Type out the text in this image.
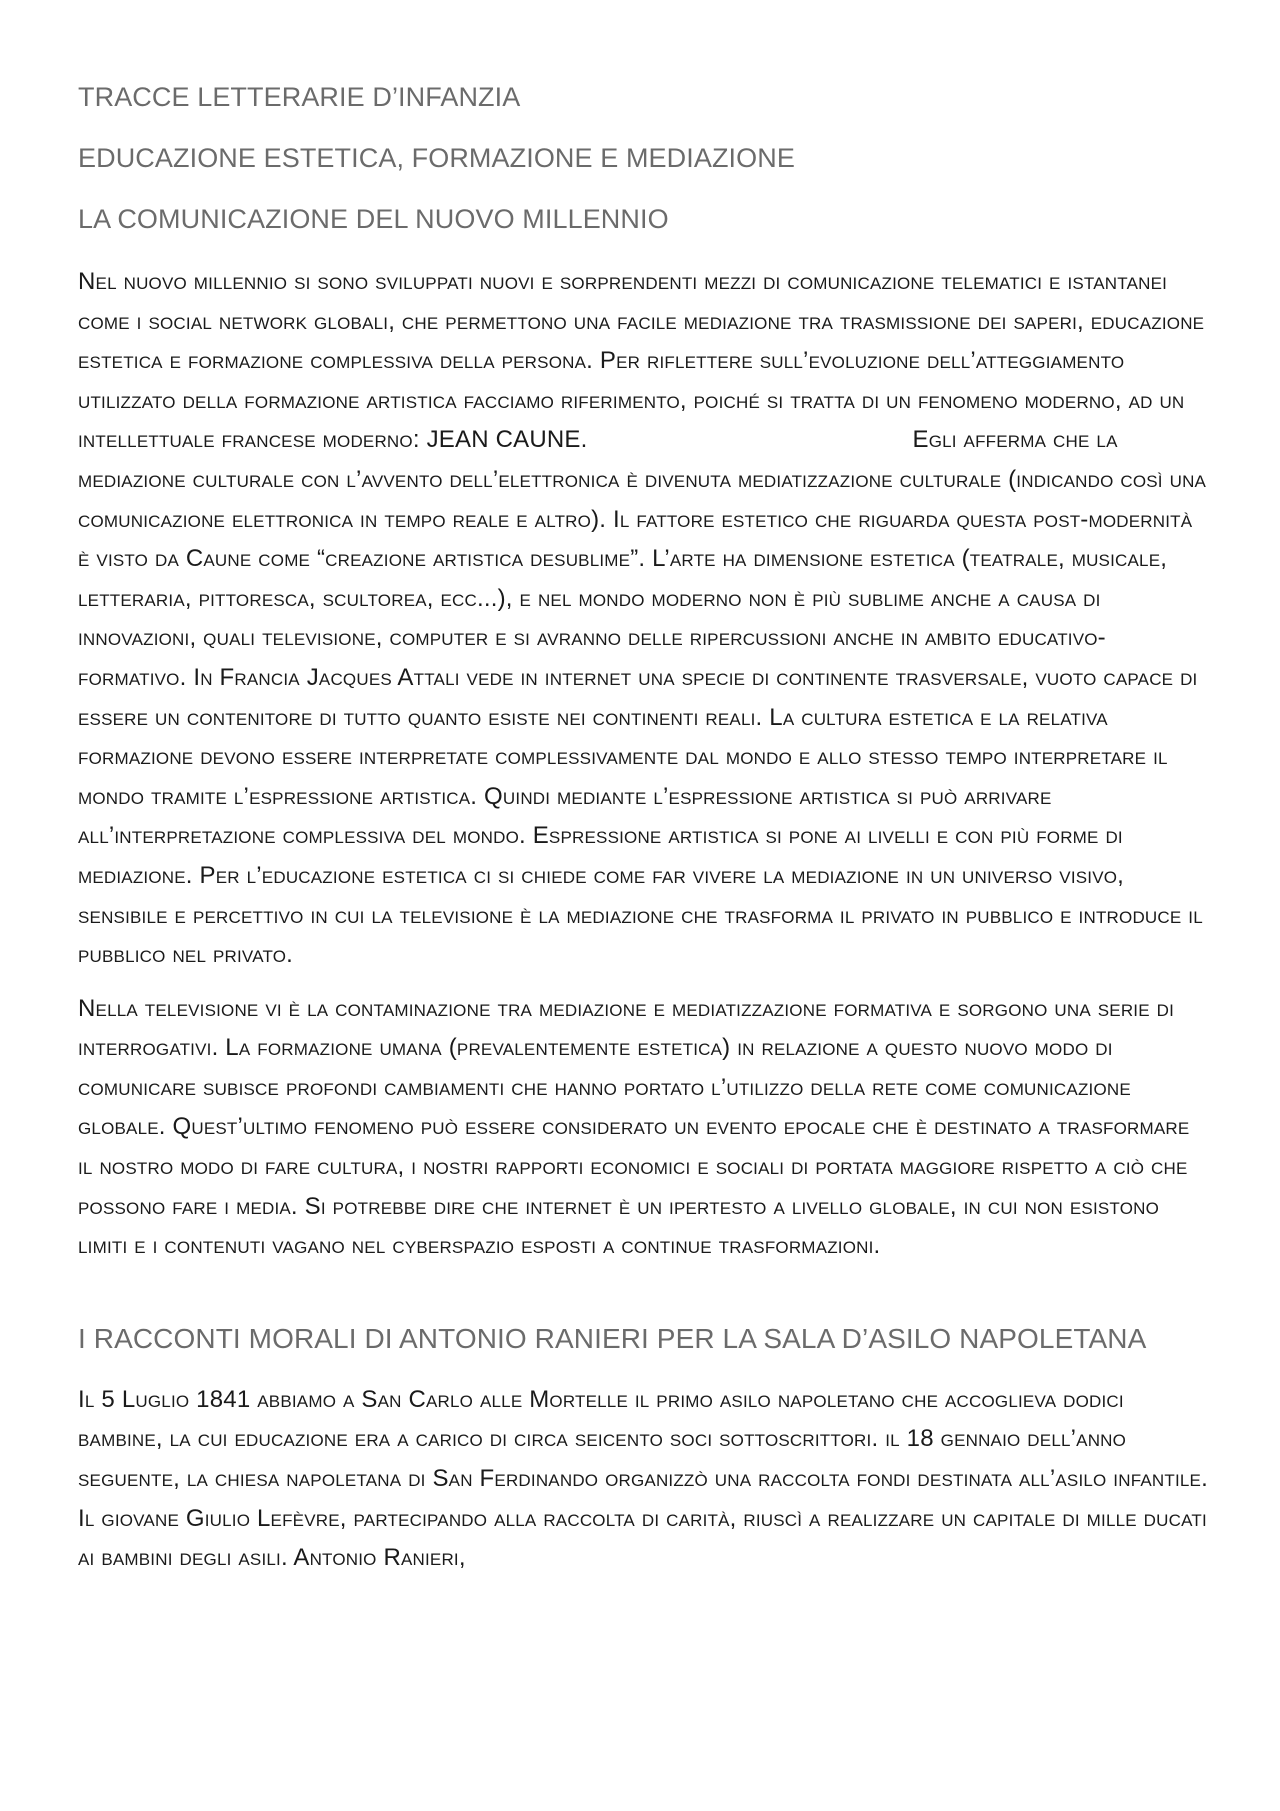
TRACCE LETTERARIE D’INFANZIA
EDUCAZIONE ESTETICA, FORMAZIONE E MEDIAZIONE
LA COMUNICAZIONE DEL NUOVO MILLENNIO

Nel nuovo millennio si sono sviluppati nuovi e sorprendenti mezzi di comunicazione telematici e istantanei come i social network globali, che permettono una facile mediazione tra trasmissione dei saperi, educazione estetica e formazione complessiva della persona. Per riflettere sull’evoluzione dell’atteggiamento utilizzato della formazione artistica facciamo riferimento, poiché si tratta di un fenomeno moderno, ad un intellettuale francese moderno: JEAN CAUNE.	Egli afferma che la mediazione culturale con l’avvento dell’elettronica è divenuta mediatizzazione culturale (indicando così una comunicazione elettronica in tempo reale e altro). Il fattore estetico che riguarda questa post-modernità è visto da Caune come “creazione artistica desublime”. L’arte ha dimensione estetica (teatrale, musicale, letteraria, pittoresca, scultorea, ecc...), e nel mondo moderno non è più sublime anche a causa di innovazioni, quali televisione, computer e si avranno delle ripercussioni anche in ambito educativo- formativo. In Francia Jacques Attali vede in internet una specie di continente trasversale, vuoto capace di essere un contenitore di tutto quanto esiste nei continenti reali. La cultura estetica e la relativa formazione devono essere interpretate complessivamente dal mondo e allo stesso tempo interpretare il mondo tramite l’espressione artistica. Quindi mediante l’espressione artistica si può arrivare all’interpretazione complessiva del mondo. Espressione artistica si pone ai livelli e con più forme di mediazione. Per l’educazione estetica ci si chiede come far vivere la mediazione in un universo visivo, sensibile e percettivo in cui la televisione è la mediazione che trasforma il privato in pubblico e introduce il pubblico nel privato.

Nella televisione vi è la contaminazione tra mediazione e mediatizzazione formativa e sorgono una serie di interrogativi. La formazione umana (prevalentemente estetica) in relazione a questo nuovo modo di comunicare subisce profondi cambiamenti che hanno portato l’utilizzo della rete come comunicazione globale. Quest’ultimo fenomeno può essere considerato un evento epocale che è destinato a trasformare il nostro modo di fare cultura, i nostri rapporti economici e sociali di portata maggiore rispetto a ciò che possono fare i media. Si potrebbe dire che internet è un ipertesto a livello globale, in cui non esistono limiti e i contenuti vagano nel cyberspazio esposti a continue trasformazioni.

I RACCONTI MORALI DI ANTONIO RANIERI PER LA SALA D’ASILO NAPOLETANA

Il 5 Luglio 1841 abbiamo a San Carlo alle Mortelle il primo asilo napoletano che accoglieva dodici bambine, la cui educazione era a carico di circa seicento soci sottoscrittori. il 18 gennaio dell’anno seguente, la chiesa napoletana di San Ferdinando organizzò una raccolta fondi destinata all’asilo infantile. Il giovane Giulio Lefèvre, partecipando alla raccolta di carità, riuscì a realizzare un capitale di mille ducati ai bambini degli asili. Antonio Ranieri,
